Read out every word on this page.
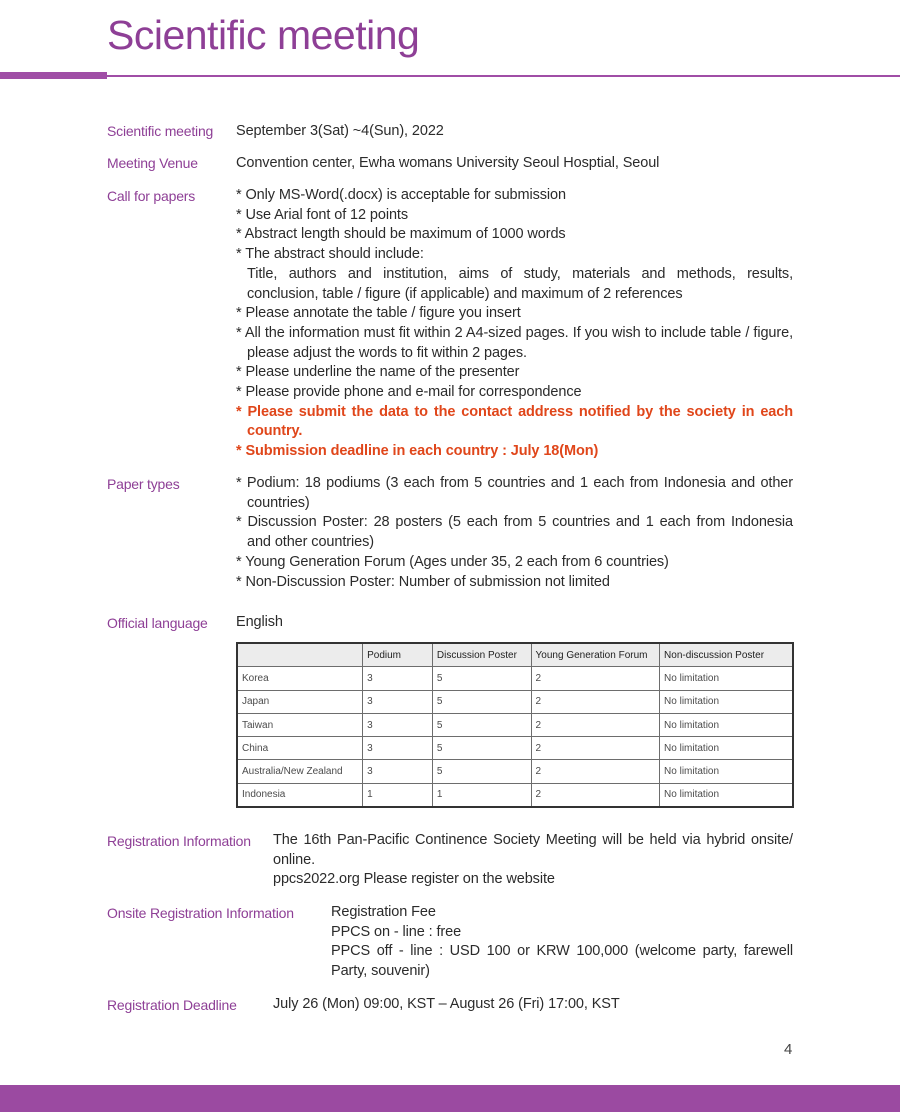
Scientific meeting
Scientific meeting September 3(Sat) ~4(Sun), 2022
Meeting Venue	Convention center, Ewha womans University Seoul Hosptial, Seoul
Call for papers	* Only MS-Word(.docx) is acceptable for submission

* Use Arial font of 12 points

* Abstract length should be maximum of 1000 words

* The abstract should include:

Title, authors and institution, aims of study, materials and methods, results, conclusion, table / figure (if applicable) and maximum of 2 references

* Please annotate the table / figure you insert

* All the information must fit within 2 A4-sized pages. If you wish to include table / figure, please adjust the words to fit within 2 pages.

* Please underline the name of the presenter

* Please provide phone and e-mail for correspondence

* Please submit the data to the contact address notified by the society in each country.

* Submission deadline in each country : July 18(Mon)

Paper types	* Podium: 18 podiums (3 each from 5 countries and 1 each from Indonesia and other countries)

* Discussion Poster: 28 posters (5 each from 5 countries and 1 each from Indonesia and other countries)

* Young Generation Forum (Ages under 35, 2 each from 6 countries)

* Non-Discussion Poster: Number of submission not limited

Official language English
	Podium	Discussion Poster	Young Generation Forum	Non-discussion Poster
Korea	3	5	2	No limitation
Japan	3	5	2	No limitation
Taiwan	3	5	2	No limitation
China	3	5	2	No limitation
Australia/New Zealand	3	5	2	No limitation
Indonesia	1	1	2	No limitation
Registration Information The 16th Pan-Pacific Continence Society Meeting will be held via hybrid onsite/ online.

ppcs2022.org Please register on the website

Onsite Registration Information	Registration Fee

PPCS on - line : free

PPCS off - line : USD 100 or KRW 100,000 (welcome party, farewell Party, souvenir)

Registration Deadline	July 26 (Mon) 09:00, KST – August 26 (Fri) 17:00, KST
4
